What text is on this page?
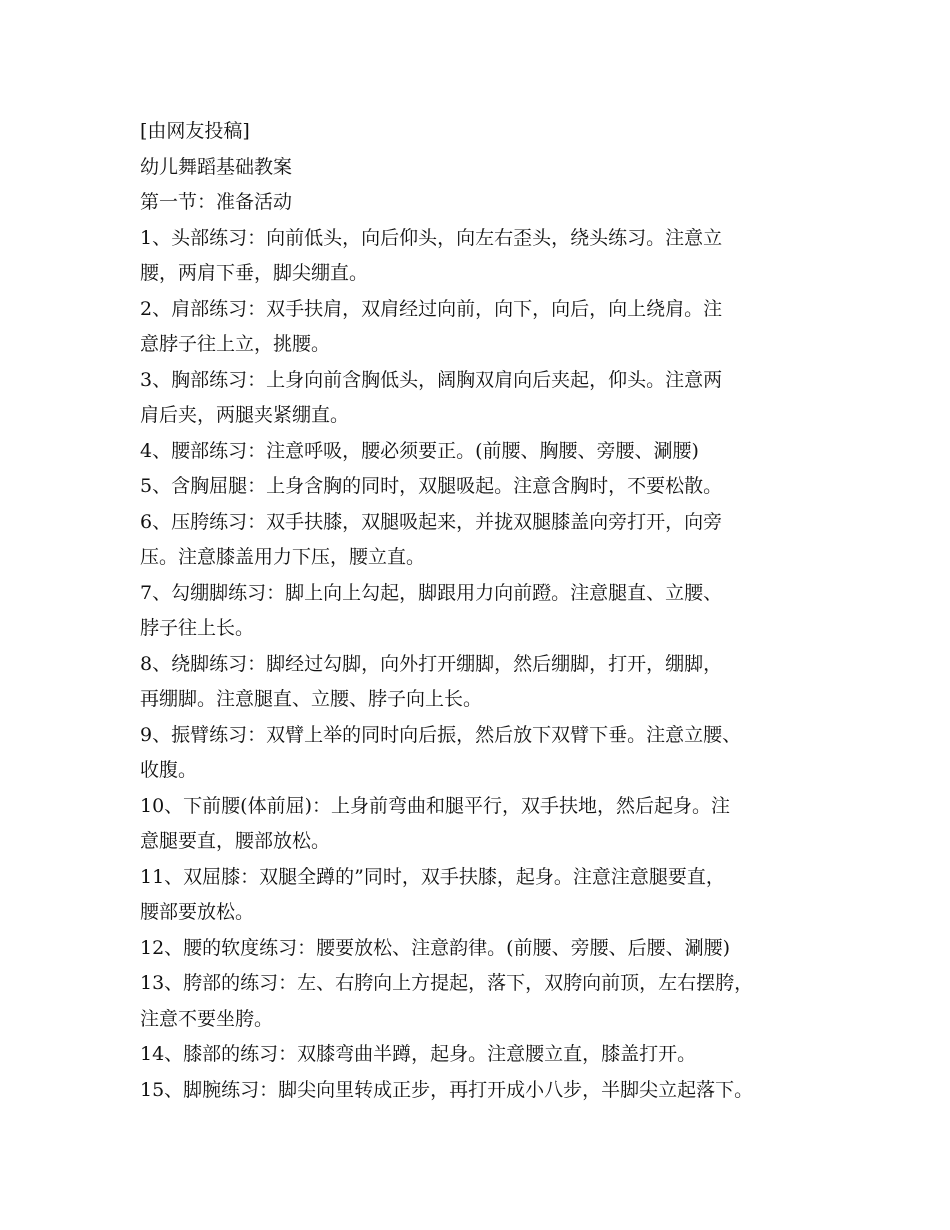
[由网友投稿]
幼儿舞蹈基础教案
第一节：准备活动
1、头部练习：向前低头，向后仰头，向左右歪头，绕头练习。注意立
腰，两肩下垂，脚尖绷直。
2、肩部练习：双手扶肩，双肩经过向前，向下，向后，向上绕肩。注
意脖子往上立，挑腰。
3、胸部练习：上身向前含胸低头，阔胸双肩向后夹起，仰头。注意两
肩后夹，两腿夹紧绷直。
4、腰部练习：注意呼吸，腰必须要正。(前腰、胸腰、旁腰、涮腰)
5、含胸屈腿：上身含胸的同时，双腿吸起。注意含胸时，不要松散。
6、压胯练习：双手扶膝，双腿吸起来，并拢双腿膝盖向旁打开，向旁
压。注意膝盖用力下压，腰立直。
7、勾绷脚练习：脚上向上勾起，脚跟用力向前蹬。注意腿直、立腰、
脖子往上长。
8、绕脚练习：脚经过勾脚，向外打开绷脚，然后绷脚，打开，绷脚，
再绷脚。注意腿直、立腰、脖子向上长。
9、振臂练习：双臂上举的同时向后振，然后放下双臂下垂。注意立腰、
收腹。
10、下前腰(体前屈)：上身前弯曲和腿平行，双手扶地，然后起身。注
意腿要直，腰部放松。
11、双屈膝：双腿全蹲的”同时，双手扶膝，起身。注意注意腿要直，
腰部要放松。
12、腰的软度练习：腰要放松、注意韵律。(前腰、旁腰、后腰、涮腰)
13、胯部的练习：左、右胯向上方提起，落下，双胯向前顶，左右摆胯，
注意不要坐胯。
14、膝部的练习：双膝弯曲半蹲，起身。注意腰立直，膝盖打开。
15、脚腕练习：脚尖向里转成正步，再打开成小八步，半脚尖立起落下。
